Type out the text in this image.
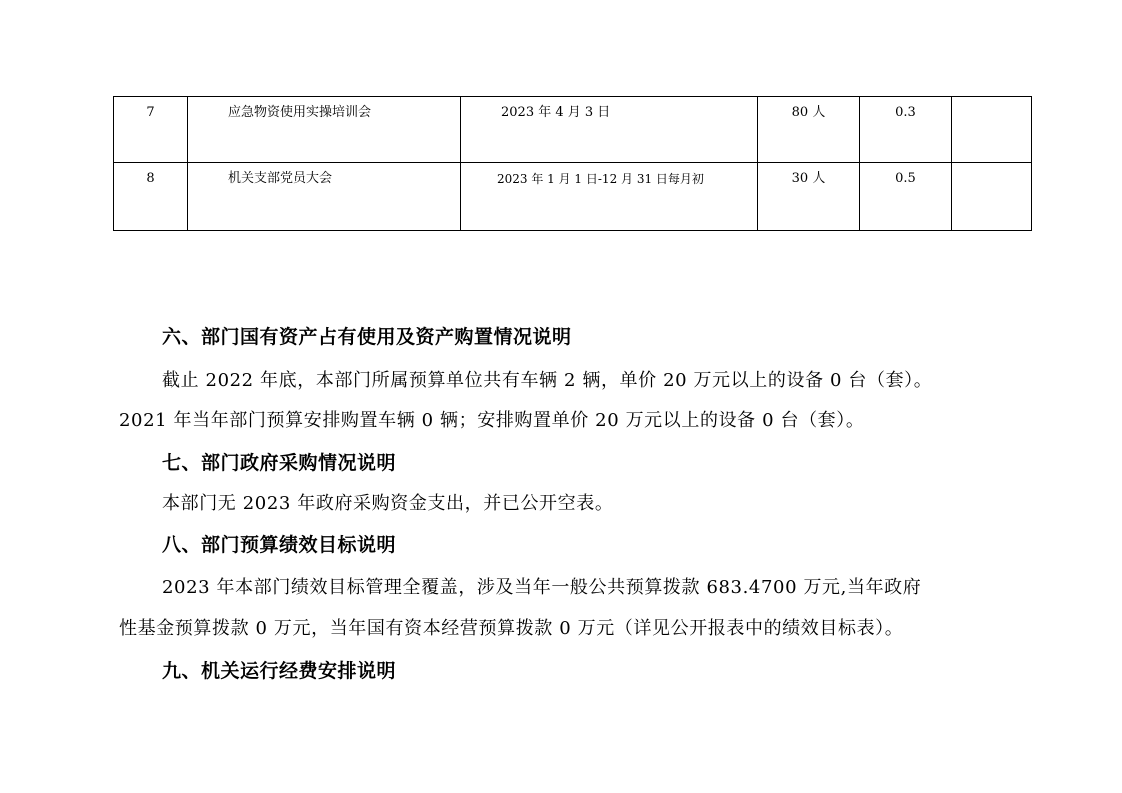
7	应急物资使用实操培训会	2023 年 4 月 3 日	80 人	0.3	
8	机关支部党员大会	2023 年 1 月 1 日-12 月 31 日每月初	30 人	0.5	
六、部门国有资产占有使用及资产购置情况说明
截止 2022 年底，本部门所属预算单位共有车辆 2 辆，单价 20 万元以上的设备 0 台（套）。
2021 年当年部门预算安排购置车辆 0 辆；安排购置单价 20 万元以上的设备 0 台（套）。
七、部门政府采购情况说明
本部门无 2023 年政府采购资金支出，并已公开空表。
八、部门预算绩效目标说明
2023 年本部门绩效目标管理全覆盖，涉及当年一般公共预算拨款 683.4700 万元,当年政府
性基金预算拨款 0 万元，当年国有资本经营预算拨款 0 万元（详见公开报表中的绩效目标表）。
九、机关运行经费安排说明
